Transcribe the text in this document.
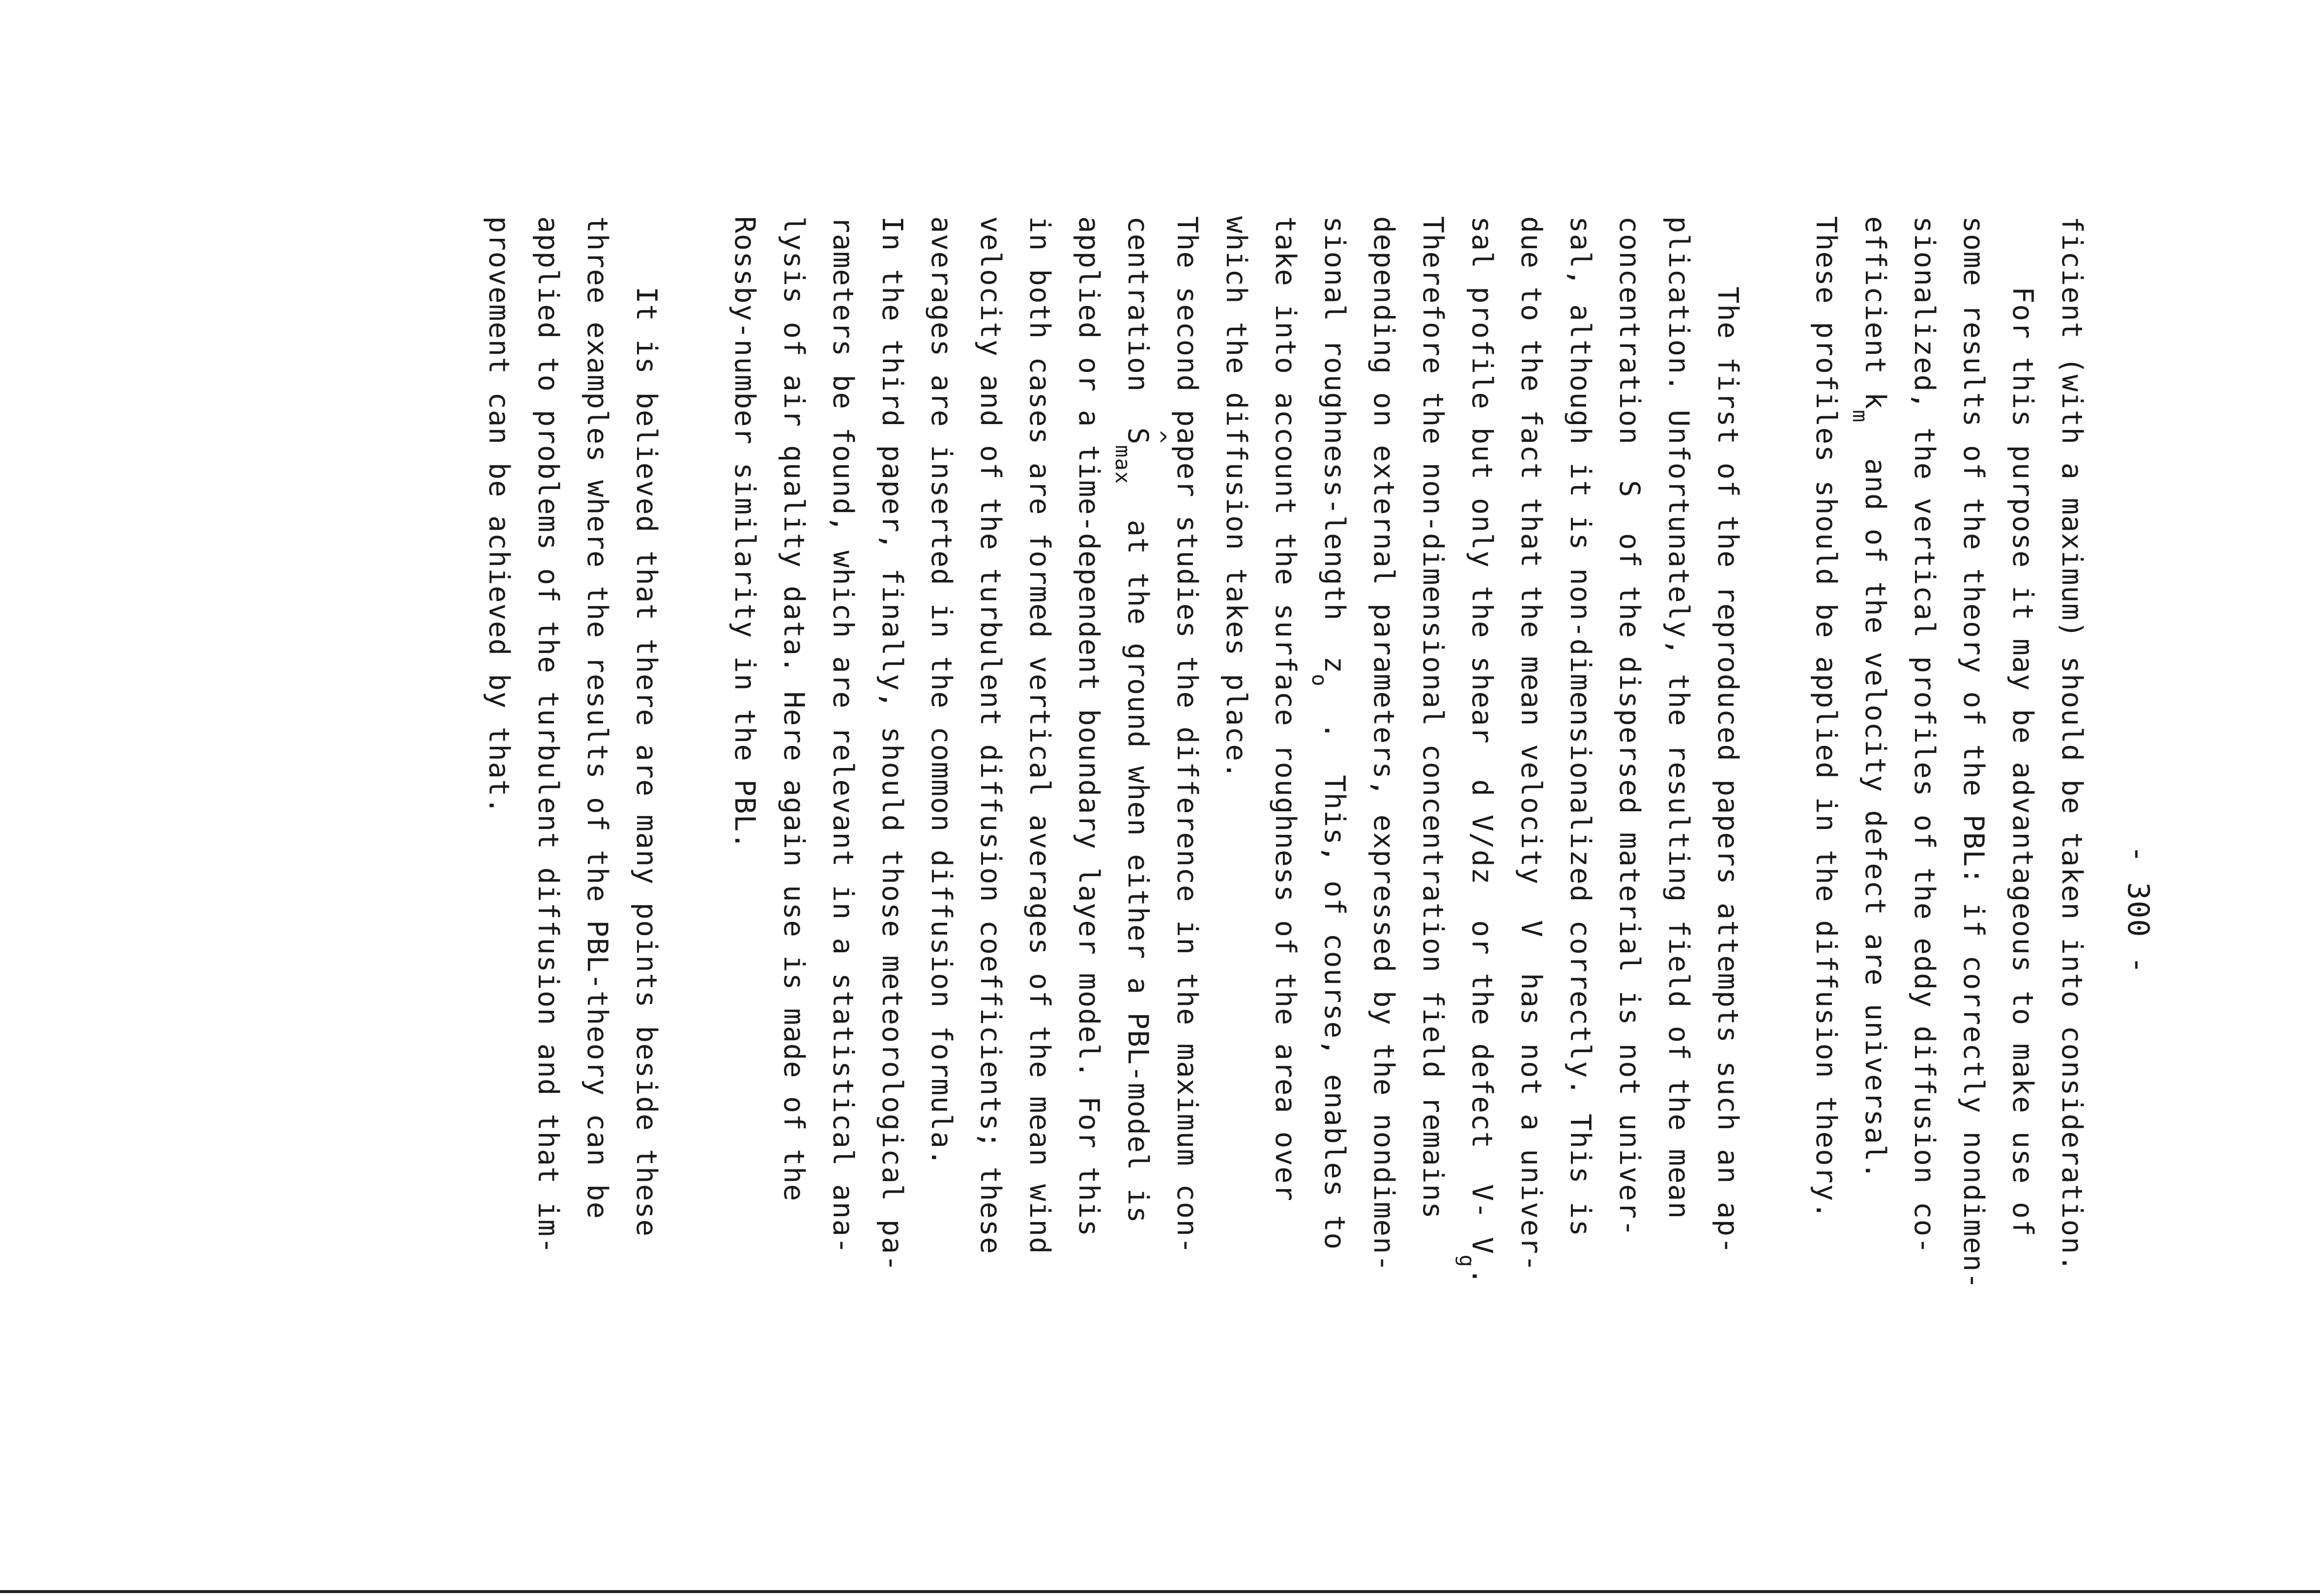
- 300 -
ficient (with a maximum) should be taken into consideration.
For this purpose it may be advantageous to make use of
some results of the theory of the PBL: if correctly nondimen-
sionalized, the vertical profiles of the eddy diffusion co-
efficient $k_m$  and of the velocity defect are universal.
These profiles should be applied in the diffusion theory.
The first of the reproduced papers attempts such an ap-
plication. Unfortunately, the resulting field of the mean
concentration  S  of the dispersed material is not univer-
sal, although it is non-dimensionalized correctly. This is
due to the fact that the mean velocity  V  has not a univer-
sal profile but only the shear  d V/dz  or the defect  V- $V_g$.
Therefore the non-dimensional concentration field remains
depending on external parameters, expressed by the nondimen-
sional roughness-length  $z_o$  .  This, of course, enables to
take into account the surface roughness of the area over
which the diffusion takes place.
The second paper studies the difference in the maximum con-
centration  ^ $S_{max}$  at the ground when either a PBL-model is
applied or a time-dependent boundary layer model. For this
in both cases are formed vertical averages of the mean wind
velocity and of the turbulent diffusion coefficients; these
averages are inserted in the common diffusion formula.
In the third paper, finally, should those meteorological pa-
rameters be found, which are relevant in a statistical ana-
lysis of air quality data. Here again use is made of the
Rossby-number similarity in the PBL.
It is believed that there are many points beside these
three examples where the results of the PBL-theory can be
applied to problems of the turbulent diffusion and that im-
provement can be achieved by that.
